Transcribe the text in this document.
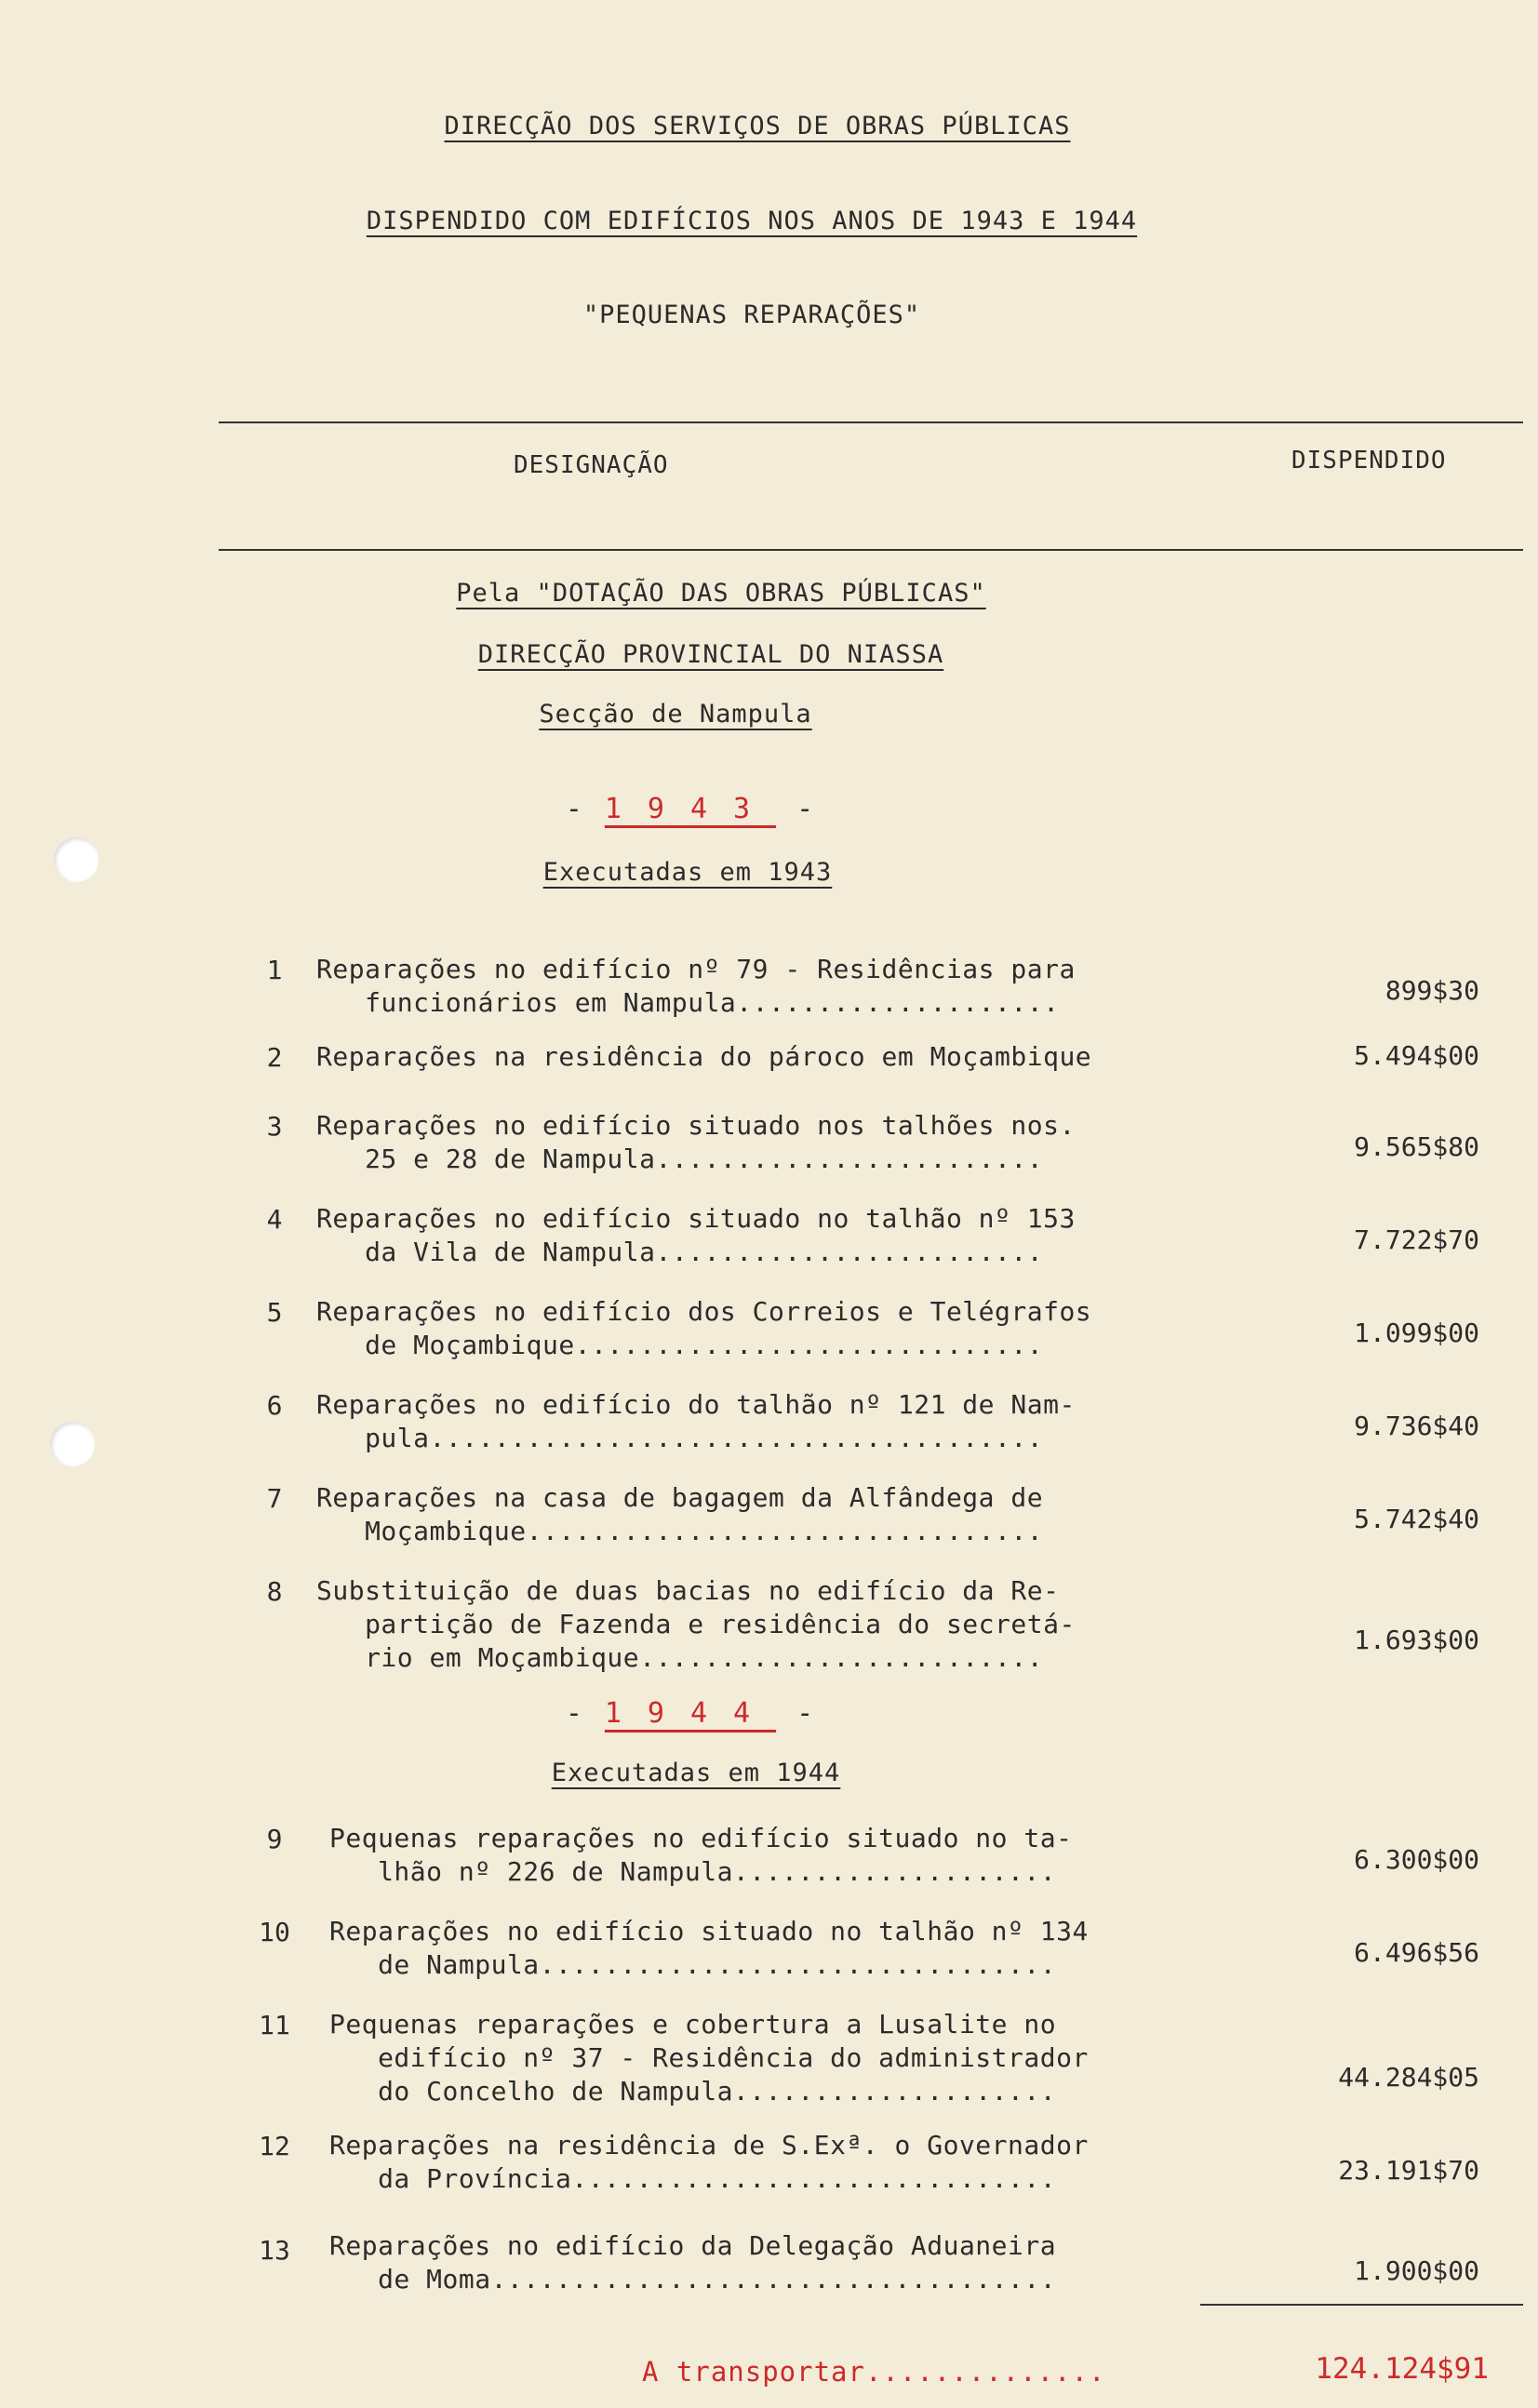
DIRECÇÃO DOS SERVIÇOS DE OBRAS PÚBLICAS
DISPENDIDO COM EDIFÍCIOS NOS ANOS DE 1943 E 1944
"PEQUENAS REPARAÇÕES"
DESIGNAÇÃO	DISPENDIDO
Pela "DOTAÇÃO DAS OBRAS PÚBLICAS"
DIRECÇÃO PROVINCIAL DO NIASSA
Secção de Nampula
- 1943 -
Executadas em 1943
1	Reparações no edifício nº 79 - Residências para
funcionários em Nampula....................	899$30
2	Reparações na residência do pároco em Moçambique	5.494$00
3	Reparações no edifício situado nos talhões nos.
25 e 28 de Nampula........................	9.565$80
4	Reparações no edifício situado no talhão nº 153
da Vila de Nampula........................	7.722$70
5	Reparações no edifício dos Correios e Telégrafos
de Moçambique.............................	1.099$00
6	Reparações no edifício do talhão nº 121 de Nam-
pula......................................	9.736$40
7	Reparações na casa de bagagem da Alfândega de
Moçambique................................	5.742$40
8	Substituição de duas bacias no edifício da Re-
partição de Fazenda e residência do secretá-
rio em Moçambique.........................
1.693$00
- 1944 -
Executadas em 1944
9	Pequenas reparações no edifício situado no ta-
lhão nº 226 de Nampula....................	6.300$00
10 Reparações no edifício situado no talhão nº 134
de Nampula................................	6.496$56
11 Pequenas reparações e cobertura a Lusalite no
edifício nº 37 - Residência do administrador
do Concelho de Nampula....................	44.284$05
12 Reparações na residência de S.Exª. o Governador
da Província..............................	23.191$70
13 Reparações no edifício da Delegação Aduaneira
de Moma...................................	1.900$00
A transportar..............	124.124$91
